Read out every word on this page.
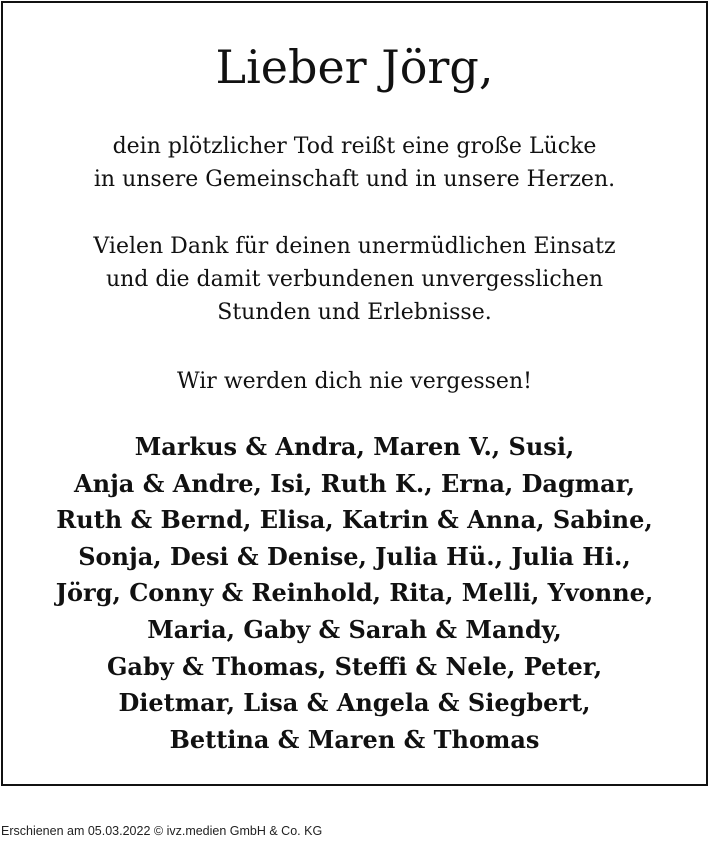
Lieber Jörg,

dein plötzlicher Tod reißt eine große Lücke
in unsere Gemeinschaft und in unsere Herzen.

Vielen Dank für deinen unermüdlichen Einsatz
und die damit verbundenen unvergesslichen
Stunden und Erlebnisse.

Wir werden dich nie vergessen!

Markus & Andra, Maren V., Susi,
Anja & Andre, Isi, Ruth K., Erna, Dagmar,
Ruth & Bernd, Elisa, Katrin & Anna, Sabine,
Sonja, Desi & Denise, Julia Hü., Julia Hi.,
Jörg, Conny & Reinhold, Rita, Melli, Yvonne,
Maria, Gaby & Sarah & Mandy,
Gaby & Thomas, Steffi & Nele, Peter,
Dietmar, Lisa & Angela & Siegbert,
Bettina & Maren & Thomas

Erschienen am 05.03.2022 © ivz.medien GmbH & Co. KG
